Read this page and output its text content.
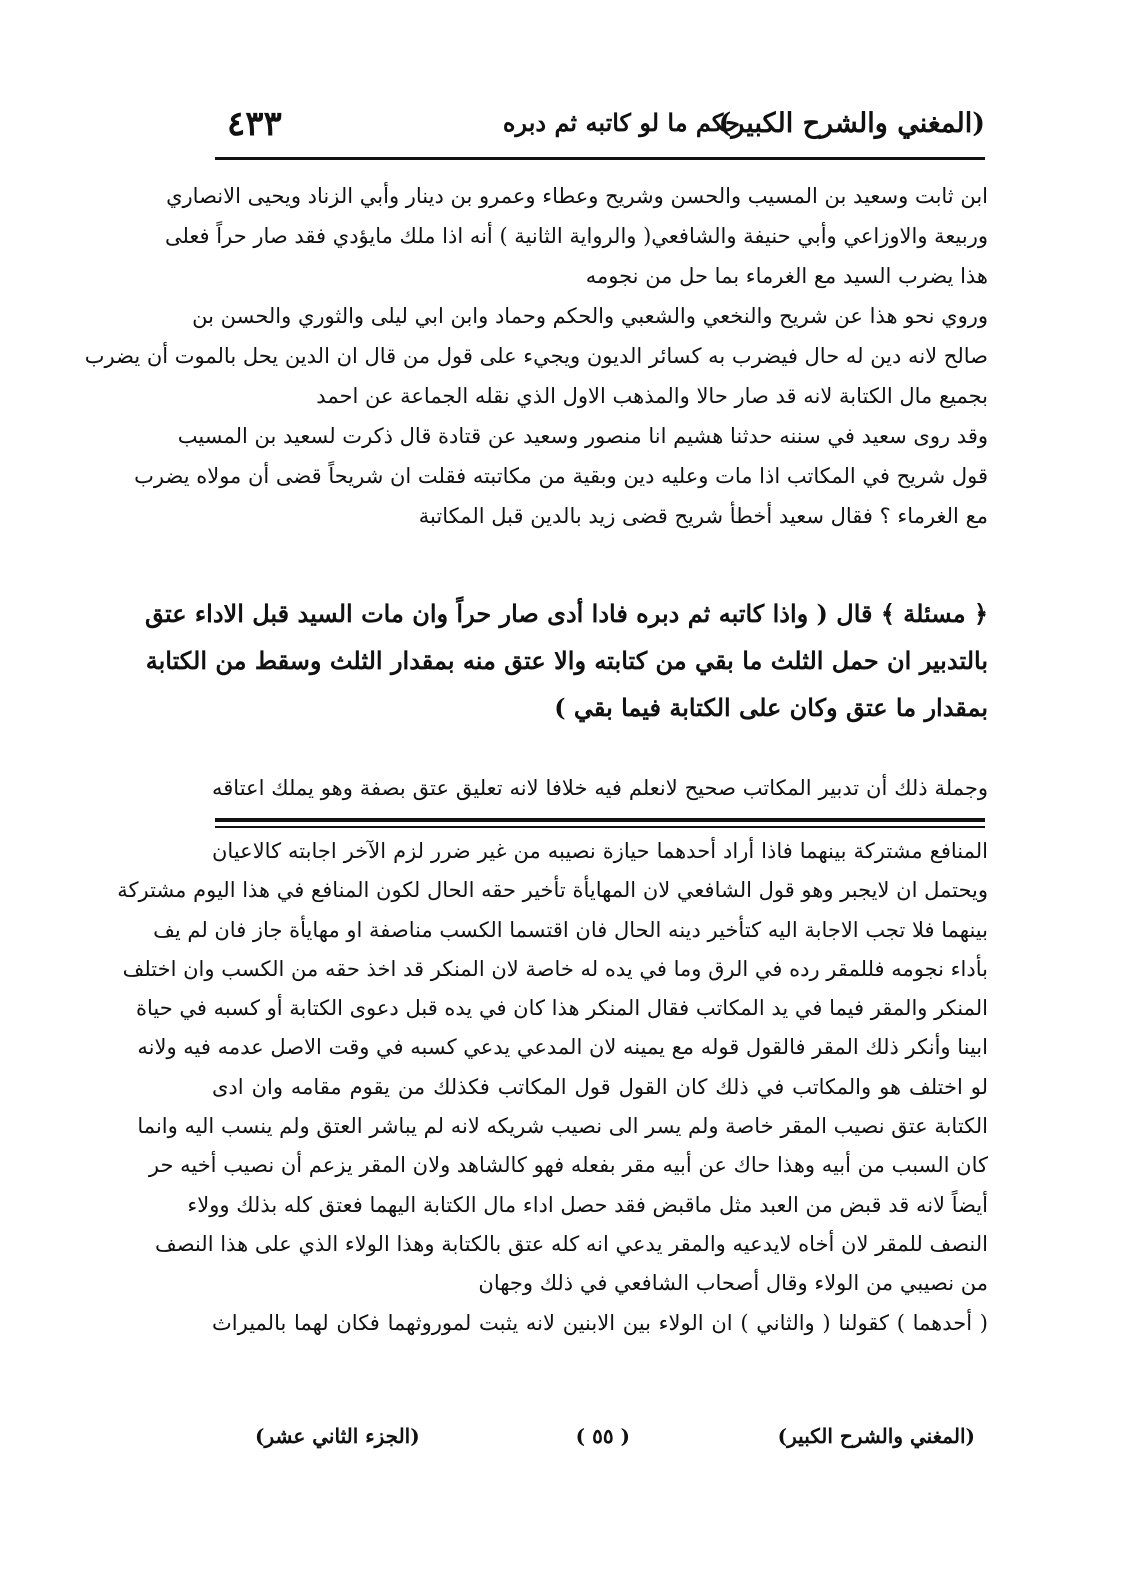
(المغني والشرح الكبير)
حكم ما لو كاتبه ثم دبره
٤٣٣
ابن ثابت وسعيد بن المسيب والحسن وشريح وعطاء وعمرو بن دينار وأبي الزناد ويحيى الانصاري
وربيعة والاوزاعي وأبي حنيفة والشافعي( والرواية الثانية ) أنه اذا ملك مايؤدي فقد صار حراً فعلى
هذا يضرب السيد مع الغرماء بما حل من نجومه
وروي نحو هذا عن شريح والنخعي والشعبي والحكم وحماد وابن ابي ليلى والثوري والحسن بن
صالح لانه دين له حال فيضرب به كسائر الديون ويجيء على قول من قال ان الدين يحل بالموت أن يضرب
بجميع مال الكتابة لانه قد صار حالا والمذهب الاول الذي نقله الجماعة عن احمد
وقد روى سعيد في سننه حدثنا هشيم انا منصور وسعيد عن قتادة قال ذكرت لسعيد بن المسيب
قول شريح في المكاتب اذا مات وعليه دين وبقية من مكاتبته فقلت ان شريحاً قضى أن مولاه يضرب
مع الغرماء ؟ فقال سعيد أخطأ شريح قضى زيد بالدين قبل المكاتبة
﴿ مسئلة ﴾ قال ( واذا كاتبه ثم دبره فادا أدى صار حراً وان مات السيد قبل الاداء عتق
بالتدبير ان حمل الثلث ما بقي من كتابته والا عتق منه بمقدار الثلث وسقط من الكتابة
بمقدار ما عتق وكان على الكتابة فيما بقي )
وجملة ذلك أن تدبير المكاتب صحيح لانعلم فيه خلافا لانه تعليق عتق بصفة وهو يملك اعتاقه
المنافع مشتركة بينهما فاذا أراد أحدهما حيازة نصيبه من غير ضرر لزم الآخر اجابته كالاعيان
ويحتمل ان لايجبر وهو قول الشافعي لان المهايأة تأخير حقه الحال لكون المنافع في هذا اليوم مشتركة
بينهما فلا تجب الاجابة اليه كتأخير دينه الحال فان اقتسما الكسب مناصفة او مهايأة جاز فان لم يف
بأداء نجومه فللمقر رده في الرق وما في يده له خاصة لان المنكر قد اخذ حقه من الكسب وان اختلف
المنكر والمقر فيما في يد المكاتب فقال المنكر هذا كان في يده قبل دعوى الكتابة أو كسبه في حياة
ابينا وأنكر ذلك المقر فالقول قوله مع يمينه لان المدعي يدعي كسبه في وقت الاصل عدمه فيه ولانه
لو اختلف هو والمكاتب في ذلك كان القول قول المكاتب فكذلك من يقوم مقامه وان ادى
الكتابة عتق نصيب المقر خاصة ولم يسر الى نصيب شريكه لانه لم يباشر العتق ولم ينسب اليه وانما
كان السبب من أبيه وهذا حاك عن أبيه مقر بفعله فهو كالشاهد ولان المقر يزعم أن نصيب أخيه حر
أيضاً لانه قد قبض من العبد مثل ماقبض فقد حصل اداء مال الكتابة اليهما فعتق كله بذلك وولاء
النصف للمقر لان أخاه لايدعيه والمقر يدعي انه كله عتق بالكتابة وهذا الولاء الذي على هذا النصف
من نصيبي من الولاء وقال أصحاب الشافعي في ذلك وجهان
( أحدهما ) كقولنا ( والثاني ) ان الولاء بين الابنين لانه يثبت لموروثهما فكان لهما بالميراث
(المغني والشرح الكبير)
( ٥٥ )
(الجزء الثاني عشر)
